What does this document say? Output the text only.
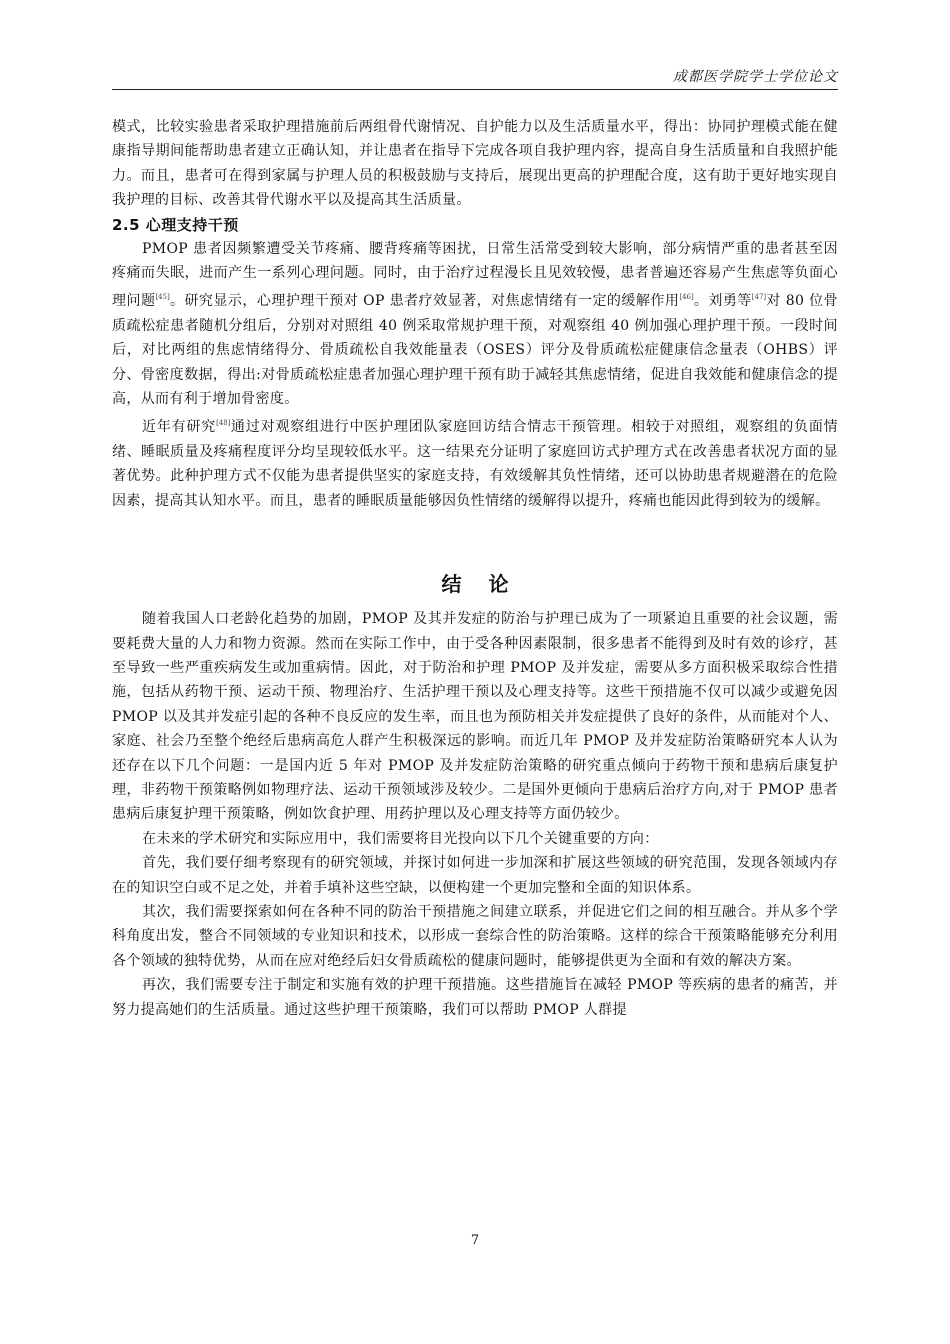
成都医学院学士学位论文

模式，比较实验患者采取护理措施前后两组骨代谢情况、自护能力以及生活质量水平，得出：协同护理模式能在健康指导期间能帮助患者建立正确认知，并让患者在指导下完成各项自我护理内容，提高自身生活质量和自我照护能力。而且，患者可在得到家属与护理人员的积极鼓励与支持后，展现出更高的护理配合度，这有助于更好地实现自我护理的目标、改善其骨代谢水平以及提高其生活质量。

2.5 心理支持干预

PMOP 患者因频繁遭受关节疼痛、腰背疼痛等困扰，日常生活常受到较大影响，部分病情严重的患者甚至因疼痛而失眠，进而产生一系列心理问题。同时，由于治疗过程漫长且见效较慢，患者普遍还容易产生焦虑等负面心理问题[45]。研究显示，心理护理干预对 OP 患者疗效显著，对焦虑情绪有一定的缓解作用[46]。刘勇等[47]对 80 位骨质疏松症患者随机分组后，分别对对照组 40 例采取常规护理干预，对观察组 40 例加强心理护理干预。一段时间后，对比两组的焦虑情绪得分、骨质疏松自我效能量表（OSES）评分及骨质疏松症健康信念量表（OHBS）评分、骨密度数据，得出:对骨质疏松症患者加强心理护理干预有助于减轻其焦虑情绪，促进自我效能和健康信念的提高，从而有利于增加骨密度。

近年有研究[48]通过对观察组进行中医护理团队家庭回访结合情志干预管理。相较于对照组，观察组的负面情绪、睡眠质量及疼痛程度评分均呈现较低水平。这一结果充分证明了家庭回访式护理方式在改善患者状况方面的显著优势。此种护理方式不仅能为患者提供坚实的家庭支持，有效缓解其负性情绪，还可以协助患者规避潜在的危险因素，提高其认知水平。而且，患者的睡眠质量能够因负性情绪的缓解得以提升，疼痛也能因此得到较为的缓解。

结 论

随着我国人口老龄化趋势的加剧，PMOP 及其并发症的防治与护理已成为了一项紧迫且重要的社会议题，需要耗费大量的人力和物力资源。然而在实际工作中，由于受各种因素限制，很多患者不能得到及时有效的诊疗，甚至导致一些严重疾病发生或加重病情。因此，对于防治和护理 PMOP 及并发症，需要从多方面积极采取综合性措施，包括从药物干预、运动干预、物理治疗、生活护理干预以及心理支持等。这些干预措施不仅可以减少或避免因 PMOP 以及其并发症引起的各种不良反应的发生率，而且也为预防相关并发症提供了良好的条件，从而能对个人、家庭、社会乃至整个绝经后患病高危人群产生积极深远的影响。而近几年 PMOP 及并发症防治策略研究本人认为还存在以下几个问题：一是国内近 5 年对 PMOP 及并发症防治策略的研究重点倾向于药物干预和患病后康复护理，非药物干预策略例如物理疗法、运动干预领域涉及较少。二是国外更倾向于患病后治疗方向,对于 PMOP 患者患病后康复护理干预策略，例如饮食护理、用药护理以及心理支持等方面仍较少。

在未来的学术研究和实际应用中，我们需要将目光投向以下几个关键重要的方向：

首先，我们要仔细考察现有的研究领域，并探讨如何进一步加深和扩展这些领域的研究范围，发现各领域内存在的知识空白或不足之处，并着手填补这些空缺，以便构建一个更加完整和全面的知识体系。

其次，我们需要探索如何在各种不同的防治干预措施之间建立联系，并促进它们之间的相互融合。并从多个学科角度出发，整合不同领域的专业知识和技术，以形成一套综合性的防治策略。这样的综合干预策略能够充分利用各个领域的独特优势，从而在应对绝经后妇女骨质疏松的健康问题时，能够提供更为全面和有效的解决方案。

再次，我们需要专注于制定和实施有效的护理干预措施。这些措施旨在减轻 PMOP 等疾病的患者的痛苦，并努力提高她们的生活质量。通过这些护理干预策略，我们可以帮助 PMOP 人群提

7
